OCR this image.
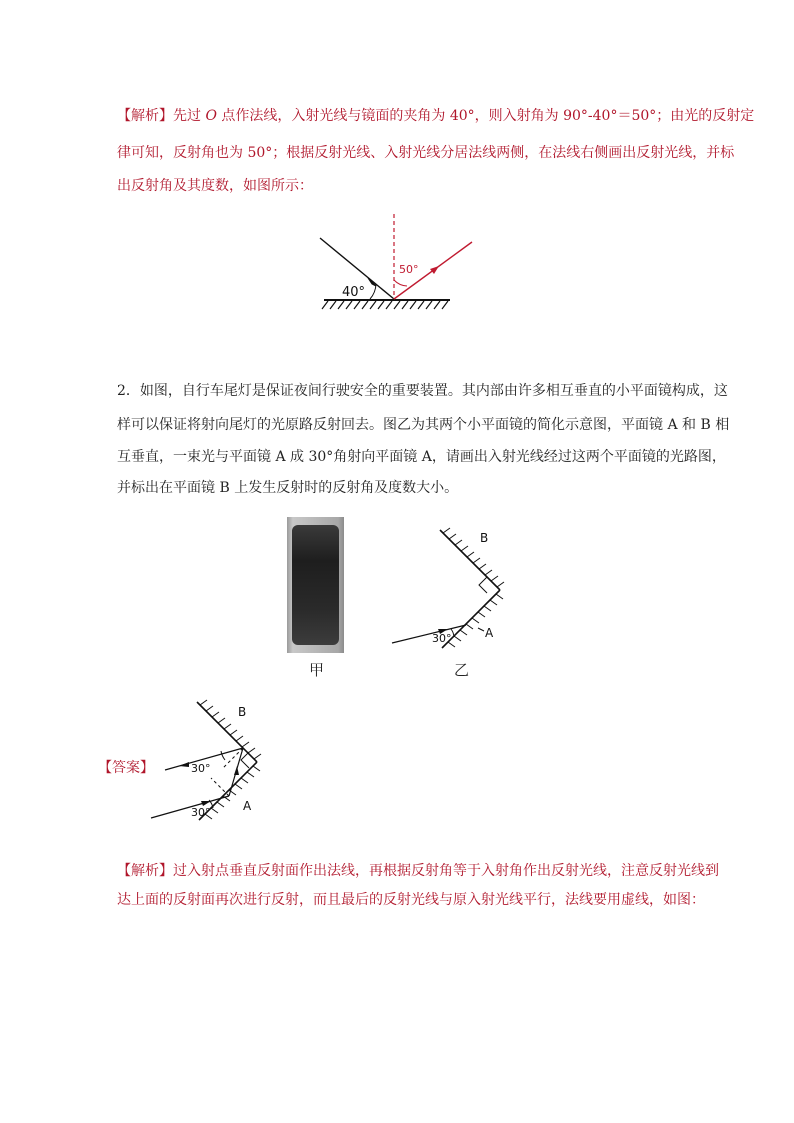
【解析】先过 O 点作法线，入射光线与镜面的夹角为 40°，则入射角为 90°-40°＝50°；由光的反射定
律可知，反射角也为 50°；根据反射光线、入射光线分居法线两侧，在法线右侧画出反射光线，并标
出反射角及其度数，如图所示：
40°
50°
2．如图，自行车尾灯是保证夜间行驶安全的重要装置。其内部由许多相互垂直的小平面镜构成，这
样可以保证将射向尾灯的光原路反射回去。图乙为其两个小平面镜的简化示意图，平面镜 A 和 B 相
互垂直，一束光与平面镜 A 成 30°角射向平面镜 A，请画出入射光线经过这两个平面镜的光路图，
并标出在平面镜 B 上发生反射时的反射角及度数大小。
甲
30°
B
A
乙
【答案】	30°
30°
B
A
【解析】过入射点垂直反射面作出法线，再根据反射角等于入射角作出反射光线，注意反射光线到
达上面的反射面再次进行反射，而且最后的反射光线与原入射光线平行，法线要用虚线，如图：
